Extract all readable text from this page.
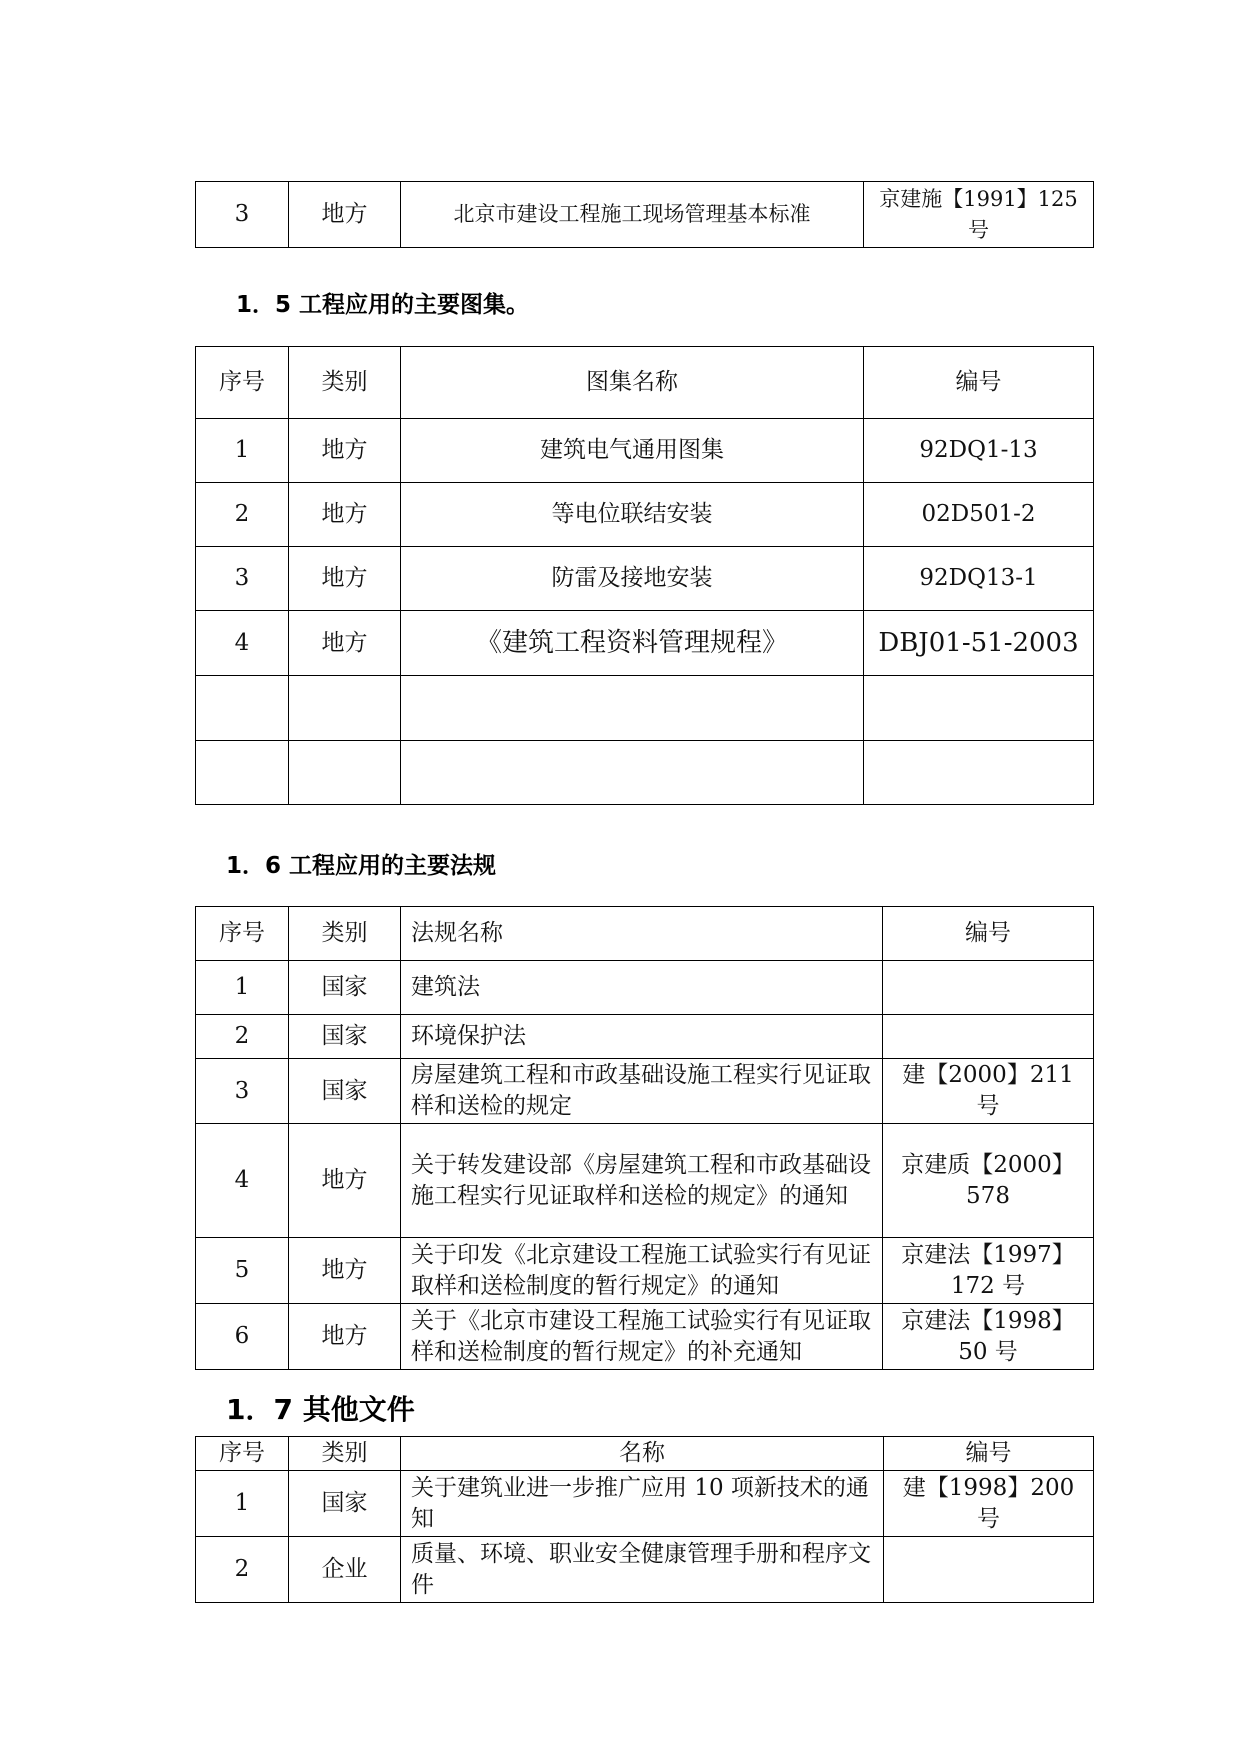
3	地方	北京市建设工程施工现场管理基本标准	京建施【1991】125 号
1．5 工程应用的主要图集。
序号	类别	图集名称	编号
1	地方	建筑电气通用图集	92DQ1-13
2	地方	等电位联结安装	02D501-2
3	地方	防雷及接地安装	92DQ13-1
4	地方	《建筑工程资料管理规程》	DBJ01-51-2003

1．6 工程应用的主要法规
序号	类别	法规名称	编号
1	国家	建筑法	
2	国家	环境保护法	
3	国家	房屋建筑工程和市政基础设施工程实行见证取样和送检的规定	建【2000】211 号
4	地方	关于转发建设部《房屋建筑工程和市政基础设施工程实行见证取样和送检的规定》的通知	京建质【2000】578
5	地方	关于印发《北京建设工程施工试验实行有见证取样和送检制度的暂行规定》的通知	京建法【1997】172 号
6	地方	关于《北京市建设工程施工试验实行有见证取样和送检制度的暂行规定》的补充通知	京建法【1998】50 号
1．7 其他文件
序号	类别	名称	编号
1	国家	关于建筑业进一步推广应用 10 项新技术的通知	建【1998】200 号
2	企业	质量、环境、职业安全健康管理手册和程序文件	
